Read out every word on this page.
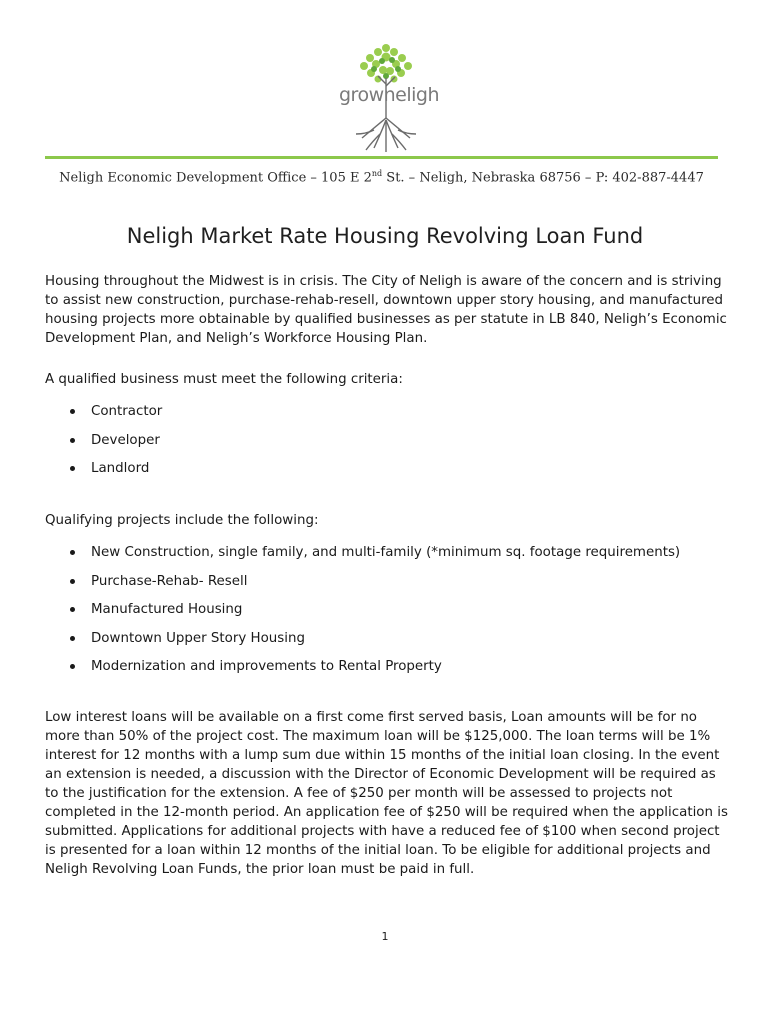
growneligh
Neligh Economic Development Office – 105 E 2nd St. – Neligh, Nebraska 68756 – P: 402-887-4447
Neligh Market Rate Housing Revolving Loan Fund
Housing throughout the Midwest is in crisis. The City of Neligh is aware of the concern and is striving to assist new construction, purchase-rehab-resell, downtown upper story housing, and manufactured housing projects more obtainable by qualified businesses as per statute in LB 840, Neligh’s Economic Development Plan, and Neligh’s Workforce Housing Plan.
A qualified business must meet the following criteria:
Contractor
Developer
Landlord
Qualifying projects include the following:
New Construction, single family, and multi-family (*minimum sq. footage requirements)
Purchase-Rehab- Resell
Manufactured Housing
Downtown Upper Story Housing
Modernization and improvements to Rental Property
Low interest loans will be available on a first come first served basis, Loan amounts will be for no more than 50% of the project cost. The maximum loan will be $125,000. The loan terms will be 1% interest for 12 months with a lump sum due within 15 months of the initial loan closing. In the event an extension is needed, a discussion with the Director of Economic Development will be required as to the justification for the extension. A fee of $250 per month will be assessed to projects not completed in the 12-month period. An application fee of $250 will be required when the application is submitted. Applications for additional projects with have a reduced fee of $100 when second project is presented for a loan within 12 months of the initial loan. To be eligible for additional projects and Neligh Revolving Loan Funds, the prior loan must be paid in full.
1
